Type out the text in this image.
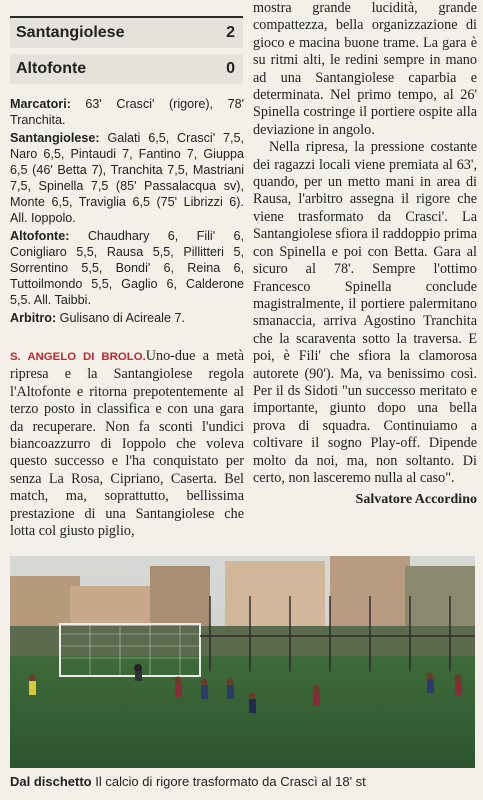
Santangiolese	2
Altofonte	0

Marcatori: 63' Crasci' (rigore), 78' Tranchita.

Santangiolese: Galati 6,5, Crasci' 7,5, Naro 6,5, Pintaudi 7, Fantino 7, Giuppa 6,5 (46' Betta 7), Tranchita 7,5, Mastriani 7,5, Spinella 7,5 (85' Passalacqua sv), Monte 6,5, Traviglia 6,5 (75' Librizzi 6). All. Ioppolo.

Altofonte: Chaudhary 6, Fili' 6, Conigliaro 5,5, Rausa 5,5, Pillitteri 5, Sorrentino 5,5, Bondi' 6, Reina 6, Tuttoilmondo 5,5, Gaglio 6, Calderone 5,5. All. Taibbi.

Arbitro: Gulisano di Acireale 7.

S. ANGELO DI BROLO.Uno-due a metà ripresa e la Santangiolese regola l'Altofonte e ritorna prepotentemente al terzo posto in classifica e con una gara da recuperare. Non fa sconti l'undici biancoazzurro di Ioppolo che voleva questo successo e l'ha conquistato per senza La Rosa, Cipriano, Caserta. Bel match, ma, soprattutto, bellissima prestazione di una Santangiolese che lotta col giusto piglio,

mostra grande lucidità, grande compattezza, bella organizzazione di gioco e macina buone trame. La gara è su ritmi alti, le redini sempre in mano ad una Santangiolese caparbia e determinata. Nel primo tempo, al 26' Spinella costringe il portiere ospite alla deviazione in angolo.

Nella ripresa, la pressione costante dei ragazzi locali viene premiata al 63', quando, per un metto mani in area di Rausa, l'arbitro assegna il rigore che viene trasformato da Crasci'. La Santangiolese sfiora il raddoppio prima con Spinella e poi con Betta. Gara al sicuro al 78'. Sempre l'ottimo Francesco Spinella conclude magistralmente, il portiere palermitano smanaccia, arriva Agostino Tranchita che la scaraventa sotto la traversa. E poi, è Fili' che sfiora la clamorosa autorete (90'). Ma, va benissimo così. Per il ds Sidoti "un successo meritato e importante, giunto dopo una bella prova di squadra. Continuiamo a coltivare il sogno Play-off. Dipende molto da noi, ma, non soltanto. Di certo, non lasceremo nulla al caso".

Salvatore Accordino
Dal dischetto Il calcio di rigore trasformato da Crascì al 18' st
